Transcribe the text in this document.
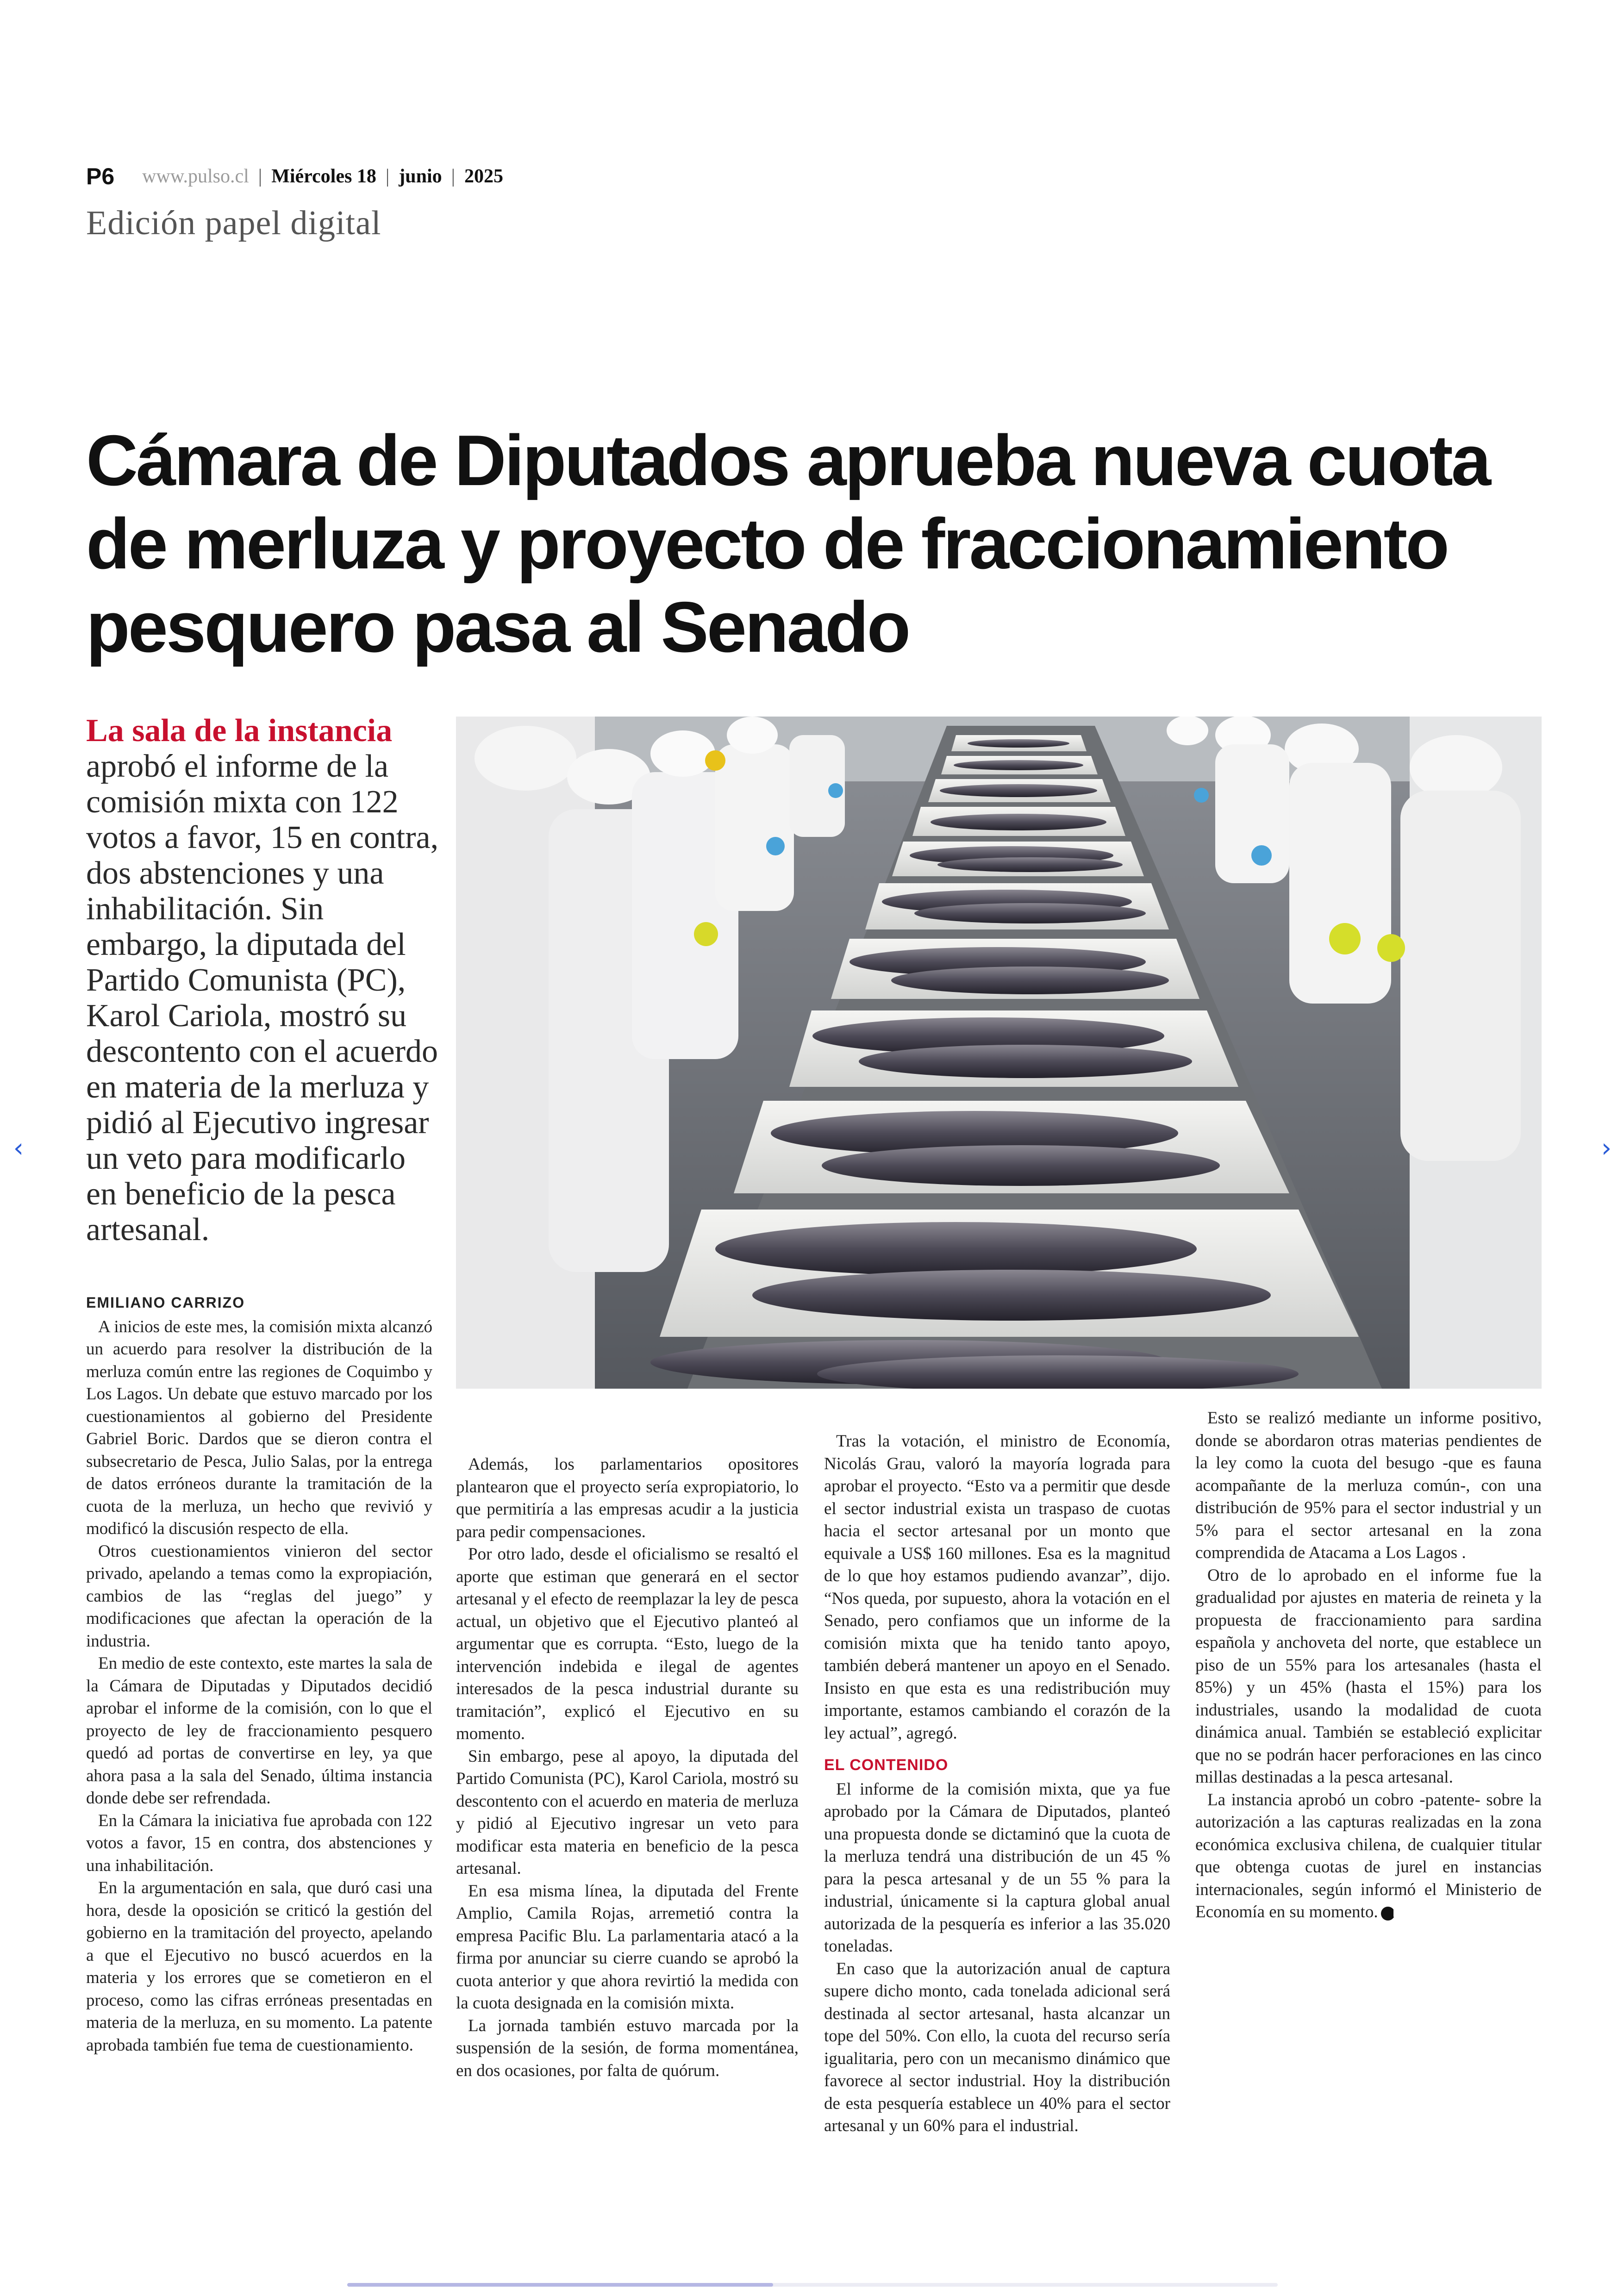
P6 www.pulso.cl | Miércoles 18 | junio | 2025
Edición papel digital
Cámara de Diputados aprueba nueva cuota de merluza y proyecto de fraccionamiento pesquero pasa al Senado
La sala de la instancia aprobó el informe de la comisión mixta con 122 votos a favor, 15 en contra, dos abstenciones y una inhabilitación. Sin embargo, la diputada del Partido Comunista (PC), Karol Cariola, mostró su descontento con el acuerdo en materia de la merluza y pidió al Ejecutivo ingresar un veto para modificarlo en beneficio de la pesca artesanal.
EMILIANO CARRIZO

A inicios de este mes, la comisión mixta alcanzó un acuerdo para resolver la distribución de la merluza común entre las regiones de Coquimbo y Los Lagos. Un debate que estuvo marcado por los cuestionamientos al gobierno del Presidente Gabriel Boric. Dardos que se dieron contra el subsecretario de Pesca, Julio Salas, por la entrega de datos erróneos durante la tramitación de la cuota de la merluza, un hecho que revivió y modificó la discusión respecto de ella.

Otros cuestionamientos vinieron del sector privado, apelando a temas como la expropiación, cambios de las “reglas del juego” y modificaciones que afectan la operación de la industria.

En medio de este contexto, este martes la sala de la Cámara de Diputadas y Diputados decidió aprobar el informe de la comisión, con lo que el proyecto de ley de fraccionamiento pesquero quedó ad portas de convertirse en ley, ya que ahora pasa a la sala del Senado, última instancia donde debe ser refrendada.

En la Cámara la iniciativa fue aprobada con 122 votos a favor, 15 en contra, dos abstenciones y una inhabilitación.

En la argumentación en sala, que duró casi una hora, desde la oposición se criticó la gestión del gobierno en la tramitación del proyecto, apelando a que el Ejecutivo no buscó acuerdos en la materia y los errores que se cometieron en el proceso, como las cifras erróneas presentadas en materia de la merluza, en su momento. La patente aprobada también fue tema de cuestionamiento.

Además, los parlamentarios opositores plantearon que el proyecto sería expropiatorio, lo que permitiría a las empresas acudir a la justicia para pedir compensaciones.

Por otro lado, desde el oficialismo se resaltó el aporte que estiman que generará en el sector artesanal y el efecto de reemplazar la ley de pesca actual, un objetivo que el Ejecutivo planteó al argumentar que es corrupta. “Esto, luego de la intervención indebida e ilegal de agentes interesados de la pesca industrial durante su tramitación”, explicó el Ejecutivo en su momento.

Sin embargo, pese al apoyo, la diputada del Partido Comunista (PC), Karol Cariola, mostró su descontento con el acuerdo en materia de merluza y pidió al Ejecutivo ingresar un veto para modificar esta materia en beneficio de la pesca artesanal.

En esa misma línea, la diputada del Frente Amplio, Camila Rojas, arremetió contra la empresa Pacific Blu. La parlamentaria atacó a la firma por anunciar su cierre cuando se aprobó la cuota anterior y que ahora revirtió la medida con la cuota designada en la comisión mixta.

La jornada también estuvo marcada por la suspensión de la sesión, de forma momentánea, en dos ocasiones, por falta de quórum.

Tras la votación, el ministro de Economía, Nicolás Grau, valoró la mayoría lograda para aprobar el proyecto. “Esto va a permitir que desde el sector industrial exista un traspaso de cuotas hacia el sector artesanal por un monto que equivale a US$ 160 millones. Esa es la magnitud de lo que hoy estamos pudiendo avanzar”, dijo. “Nos queda, por supuesto, ahora la votación en el Senado, pero confiamos que un informe de la comisión mixta que ha tenido tanto apoyo, también deberá mantener un apoyo en el Senado. Insisto en que esta es una redistribución muy importante, estamos cambiando el corazón de la ley actual”, agregó.

EL CONTENIDO

El informe de la comisión mixta, que ya fue aprobado por la Cámara de Diputados, planteó una propuesta donde se dictaminó que la cuota de la merluza tendrá una distribución de un 45 % para la pesca artesanal y de un 55 % para la industrial, únicamente si la captura global anual autorizada de la pesquería es inferior a las 35.020 toneladas.

En caso que la autorización anual de captura supere dicho monto, cada tonelada adicional será destinada al sector artesanal, hasta alcanzar un tope del 50%. Con ello, la cuota del recurso sería igualitaria, pero con un mecanismo dinámico que favorece al sector industrial. Hoy la distribución de esta pesquería establece un 40% para el sector artesanal y un 60% para el industrial.

Esto se realizó mediante un informe positivo, donde se abordaron otras materias pendientes de la ley como la cuota del besugo -que es fauna acompañante de la merluza común-, con una distribución de 95% para el sector industrial y un 5% para el sector artesanal en la zona comprendida de Atacama a Los Lagos .

Otro de lo aprobado en el informe fue la gradualidad por ajustes en materia de reineta y la propuesta de fraccionamiento para sardina española y anchoveta del norte, que establece un piso de un 55% para los artesanales (hasta el 85%) y un 45% (hasta el 15%) para los industriales, usando la modalidad de cuota dinámica anual. También se estableció explicitar que no se podrán hacer perforaciones en las cinco millas destinadas a la pesca artesanal.

La instancia aprobó un cobro -patente- sobre la autorización a las capturas realizadas en la zona económica exclusiva chilena, de cualquier titular que obtenga cuotas de jurel en instancias internacionales, según informó el Ministerio de Economía en su momento. P

‹	›
